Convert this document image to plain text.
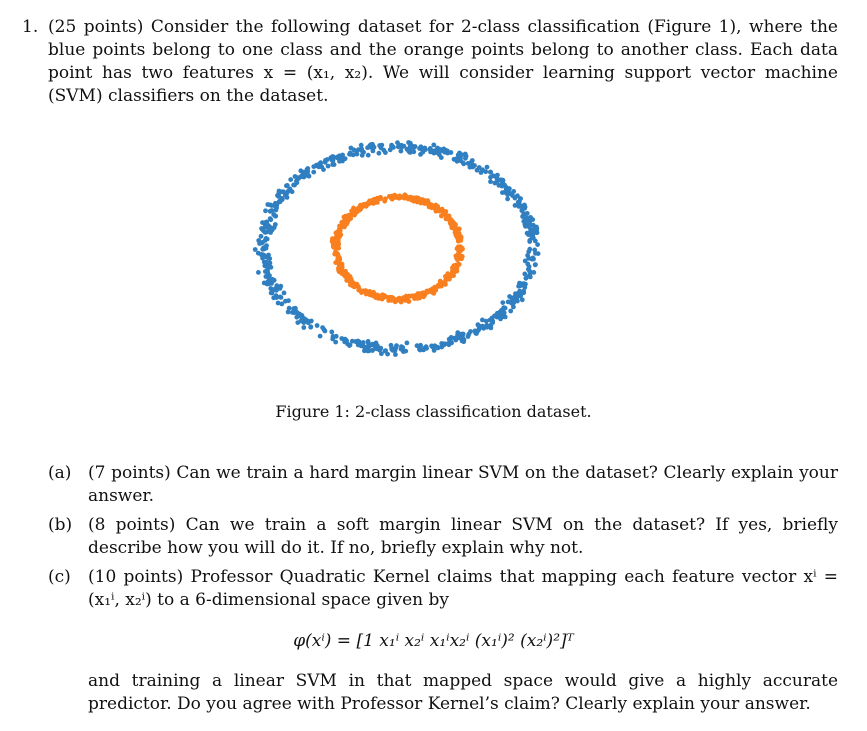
1. (25 points) Consider the following dataset for 2-class classification (Figure 1), where the blue points belong to one class and the orange points belong to another class. Each data point has two features x = (x₁, x₂). We will consider learning support vector machine (SVM) classifiers on the dataset.
Figure 1: 2-class classification dataset.
(a) (7 points) Can we train a hard margin linear SVM on the dataset? Clearly explain your answer.
(b) (8 points) Can we train a soft margin linear SVM on the dataset? If yes, briefly describe how you will do it. If no, briefly explain why not.
(c)	(10 points) Professor Quadratic Kernel claims that mapping each feature vector xⁱ = (x₁ⁱ, x₂ⁱ) to a 6-dimensional space given by
φ(xⁱ) = [1 x₁ⁱ x₂ⁱ x₁ⁱx₂ⁱ (x₁ⁱ)² (x₂ⁱ)²]ᵀ
and training a linear SVM in that mapped space would give a highly accurate predictor. Do you agree with Professor Kernel’s claim? Clearly explain your answer.
